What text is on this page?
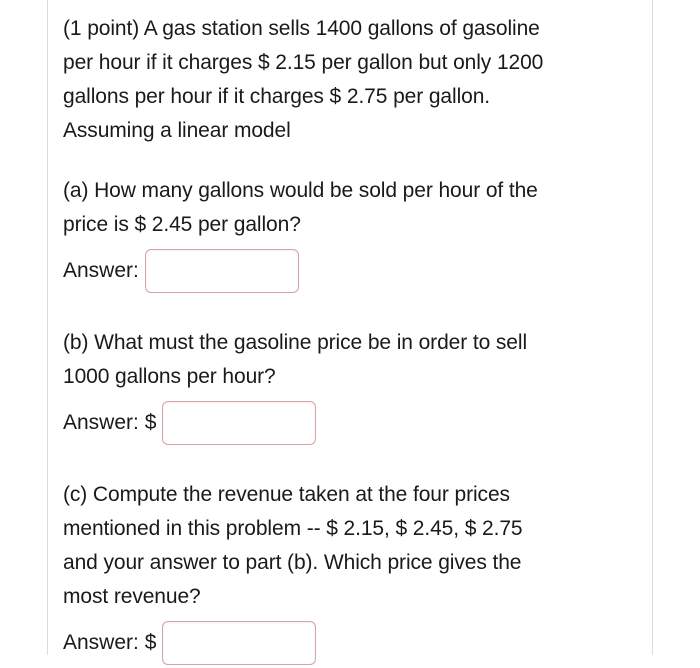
(1 point) A gas station sells 1400 gallons of gasoline
per hour if it charges $ 2.15 per gallon but only 1200
gallons per hour if it charges $ 2.75 per gallon.
Assuming a linear model
(a) How many gallons would be sold per hour of the
price is $ 2.45 per gallon?
Answer:
(b) What must the gasoline price be in order to sell
1000 gallons per hour?
Answer: $
(c) Compute the revenue taken at the four prices
mentioned in this problem -- $ 2.15, $ 2.45, $ 2.75
and your answer to part (b). Which price gives the
most revenue?
Answer: $
